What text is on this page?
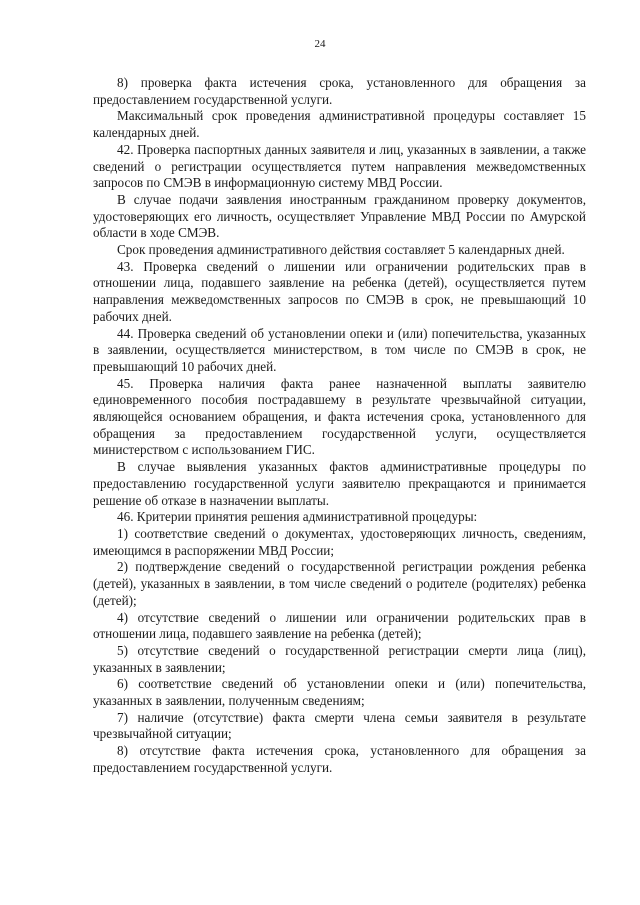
24

8) проверка факта истечения срока, установленного для обращения за предоставлением государственной услуги.

Максимальный срок проведения административной процедуры составляет 15 календарных дней.

42. Проверка паспортных данных заявителя и лиц, указанных в заявлении, а также сведений о регистрации осуществляется путем направления межведомственных запросов по СМЭВ в информационную систему МВД России.

В случае подачи заявления иностранным гражданином проверку документов, удостоверяющих его личность, осуществляет Управление МВД России по Амурской области в ходе СМЭВ.

Срок проведения административного действия составляет 5 календарных дней.

43. Проверка сведений о лишении или ограничении родительских прав в отношении лица, подавшего заявление на ребенка (детей), осуществляется путем направления межведомственных запросов по СМЭВ в срок, не превышающий 10 рабочих дней.

44. Проверка сведений об установлении опеки и (или) попечительства, указанных в заявлении, осуществляется министерством, в том числе по СМЭВ в срок, не превышающий 10 рабочих дней.

45. Проверка наличия факта ранее назначенной выплаты заявителю единовременного пособия пострадавшему в результате чрезвычайной ситуации, являющейся основанием обращения, и факта истечения срока, установленного для обращения за предоставлением государственной услуги, осуществляется министерством с использованием ГИС.

В случае выявления указанных фактов административные процедуры по предоставлению государственной услуги заявителю прекращаются и принимается решение об отказе в назначении выплаты.

46. Критерии принятия решения административной процедуры:

1) соответствие сведений о документах, удостоверяющих личность, сведениям, имеющимся в распоряжении МВД России;

2) подтверждение сведений о государственной регистрации рождения ребенка (детей), указанных в заявлении, в том числе сведений о родителе (родителях) ребенка (детей);

4) отсутствие сведений о лишении или ограничении родительских прав в отношении лица, подавшего заявление на ребенка (детей);

5) отсутствие сведений о государственной регистрации смерти лица (лиц), указанных в заявлении;

6) соответствие сведений об установлении опеки и (или) попечительства, указанных в заявлении, полученным сведениям;

7) наличие (отсутствие) факта смерти члена семьи заявителя в результате чрезвычайной ситуации;

8) отсутствие факта истечения срока, установленного для обращения за предоставлением государственной услуги.
